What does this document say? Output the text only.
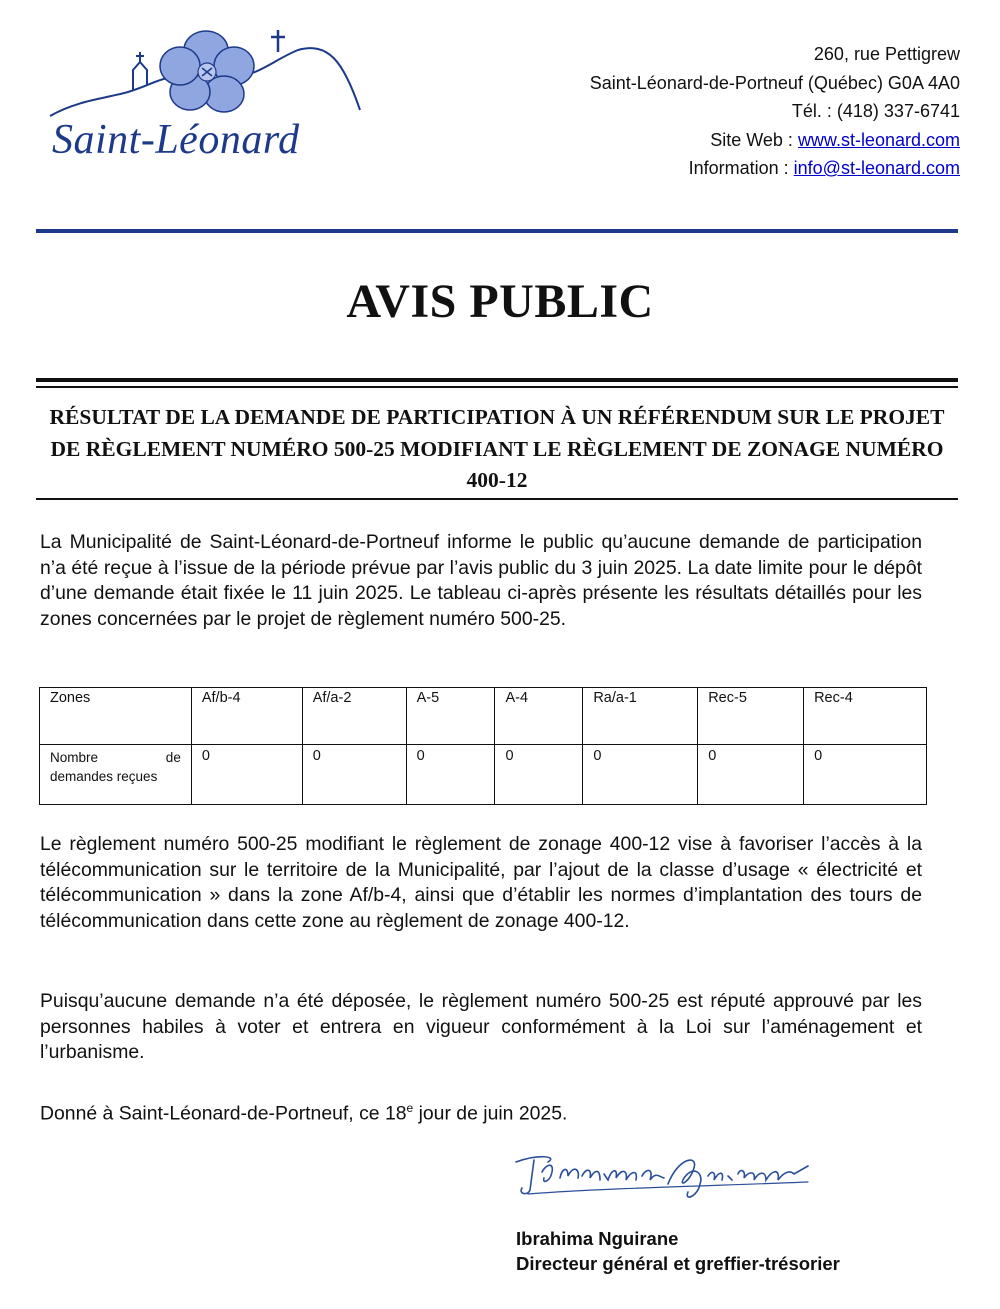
Saint-Léonard
260, rue Pettigrew
Saint-Léonard-de-Portneuf (Québec) G0A 4A0
Tél. : (418) 337-6741
Site Web : www.st-leonard.com
Information : info@st-leonard.com
AVIS PUBLIC
RÉSULTAT DE LA DEMANDE DE PARTICIPATION À UN RÉFÉRENDUM SUR LE PROJET DE RÈGLEMENT NUMÉRO 500-25 MODIFIANT LE RÈGLEMENT DE ZONAGE NUMÉRO 400-12
La Municipalité de Saint-Léonard-de-Portneuf informe le public qu’aucune demande de participation n’a été reçue à l’issue de la période prévue par l’avis public du 3 juin 2025. La date limite pour le dépôt d’une demande était fixée le 11 juin 2025. Le tableau ci-après présente les résultats détaillés pour les zones concernées par le projet de règlement numéro 500-25.
Zones	Af/b-4	Af/a-2	A-5	A-4	Ra/a-1	Rec-5	Rec-4
Nombre de demandes reçues	0	0	0	0	0	0	0
Le règlement numéro 500-25 modifiant le règlement de zonage 400-12 vise à favoriser l’accès à la télécommunication sur le territoire de la Municipalité, par l’ajout de la classe d’usage « électricité et télécommunication » dans la zone Af/b-4, ainsi que d’établir les normes d’implantation des tours de télécommunication dans cette zone au règlement de zonage 400-12.
Puisqu’aucune demande n’a été déposée, le règlement numéro 500-25 est réputé approuvé par les personnes habiles à voter et entrera en vigueur conformément à la Loi sur l’aménagement et l’urbanisme.
Donné à Saint-Léonard-de-Portneuf, ce 18e jour de juin 2025.
Ibrahima Nguirane
Directeur général et greffier-trésorier
